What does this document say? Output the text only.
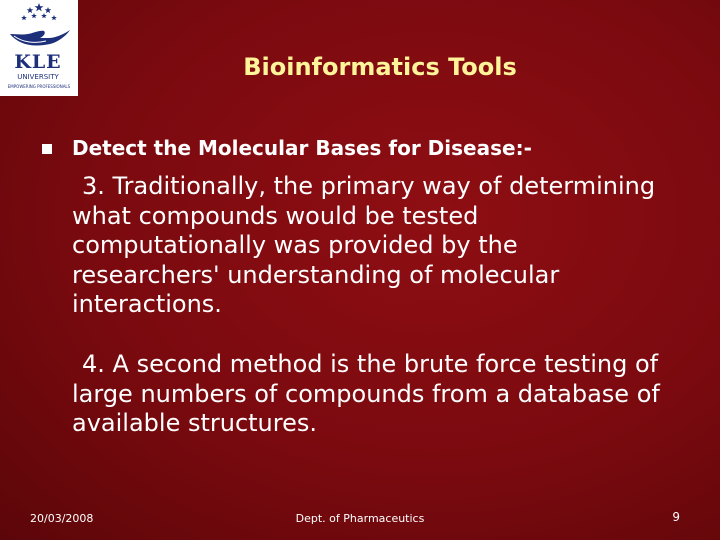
KLE
UNIVERSITY
EMPOWERING PROFESSIONALS
Bioinformatics Tools
Detect the Molecular Bases for Disease:-
3. Traditionally, the primary way of determining what compounds would be tested computationally was provided by the researchers' understanding of molecular interactions.
4. A second method is the brute force testing of large numbers of compounds from a database of available structures.
20/03/2008	Dept. of Pharmaceutics	9
